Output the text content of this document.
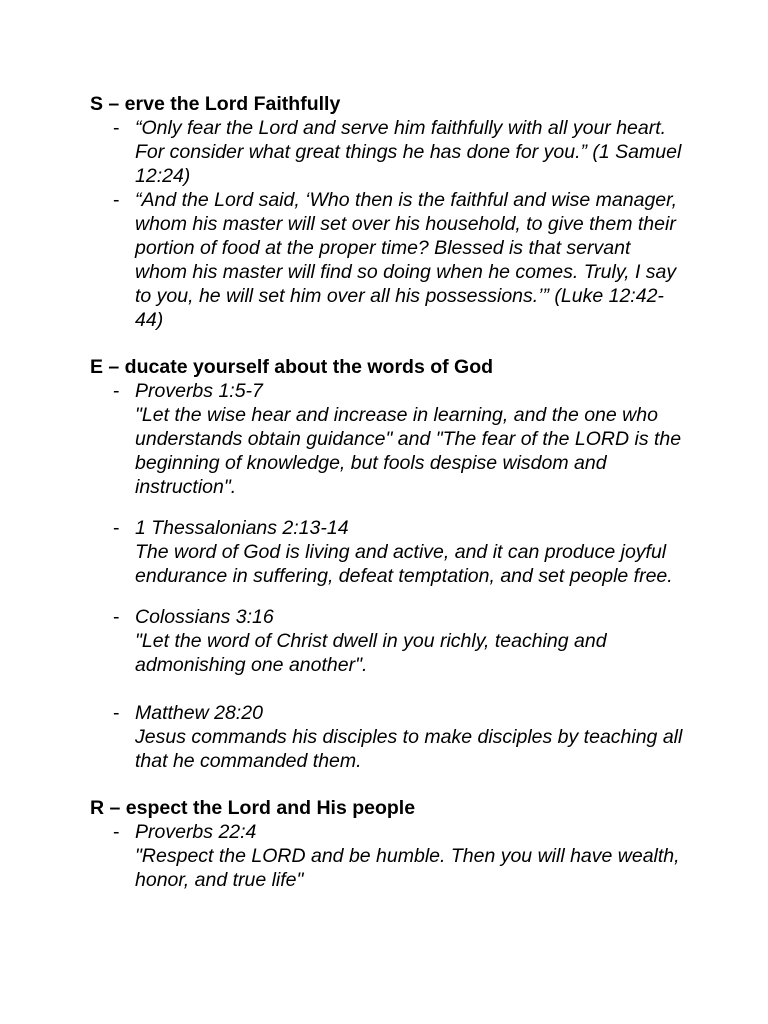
S – erve the Lord Faithfully

- “Only fear the Lord and serve him faithfully with all your heart. For consider what great things he has done for you.” (1 Samuel 12:24)
- “And the Lord said, ‘Who then is the faithful and wise manager, whom his master will set over his household, to give them their portion of food at the proper time? Blessed is that servant whom his master will find so doing when he comes. Truly, I say to you, he will set him over all his possessions.’” (Luke 12:42-44)

E – ducate yourself about the words of God

- Proverbs 1:5-7
"Let the wise hear and increase in learning, and the one who understands obtain guidance" and "The fear of the LORD is the beginning of knowledge, but fools despise wisdom and instruction".
- 1 Thessalonians 2:13-14
The word of God is living and active, and it can produce joyful endurance in suffering, defeat temptation, and set people free.
- Colossians 3:16
"Let the word of Christ dwell in you richly, teaching and admonishing one another".
- Matthew 28:20
Jesus commands his disciples to make disciples by teaching all that he commanded them.

R – espect the Lord and His people

- Proverbs 22:4
"Respect the LORD and be humble. Then you will have wealth, honor, and true life"
